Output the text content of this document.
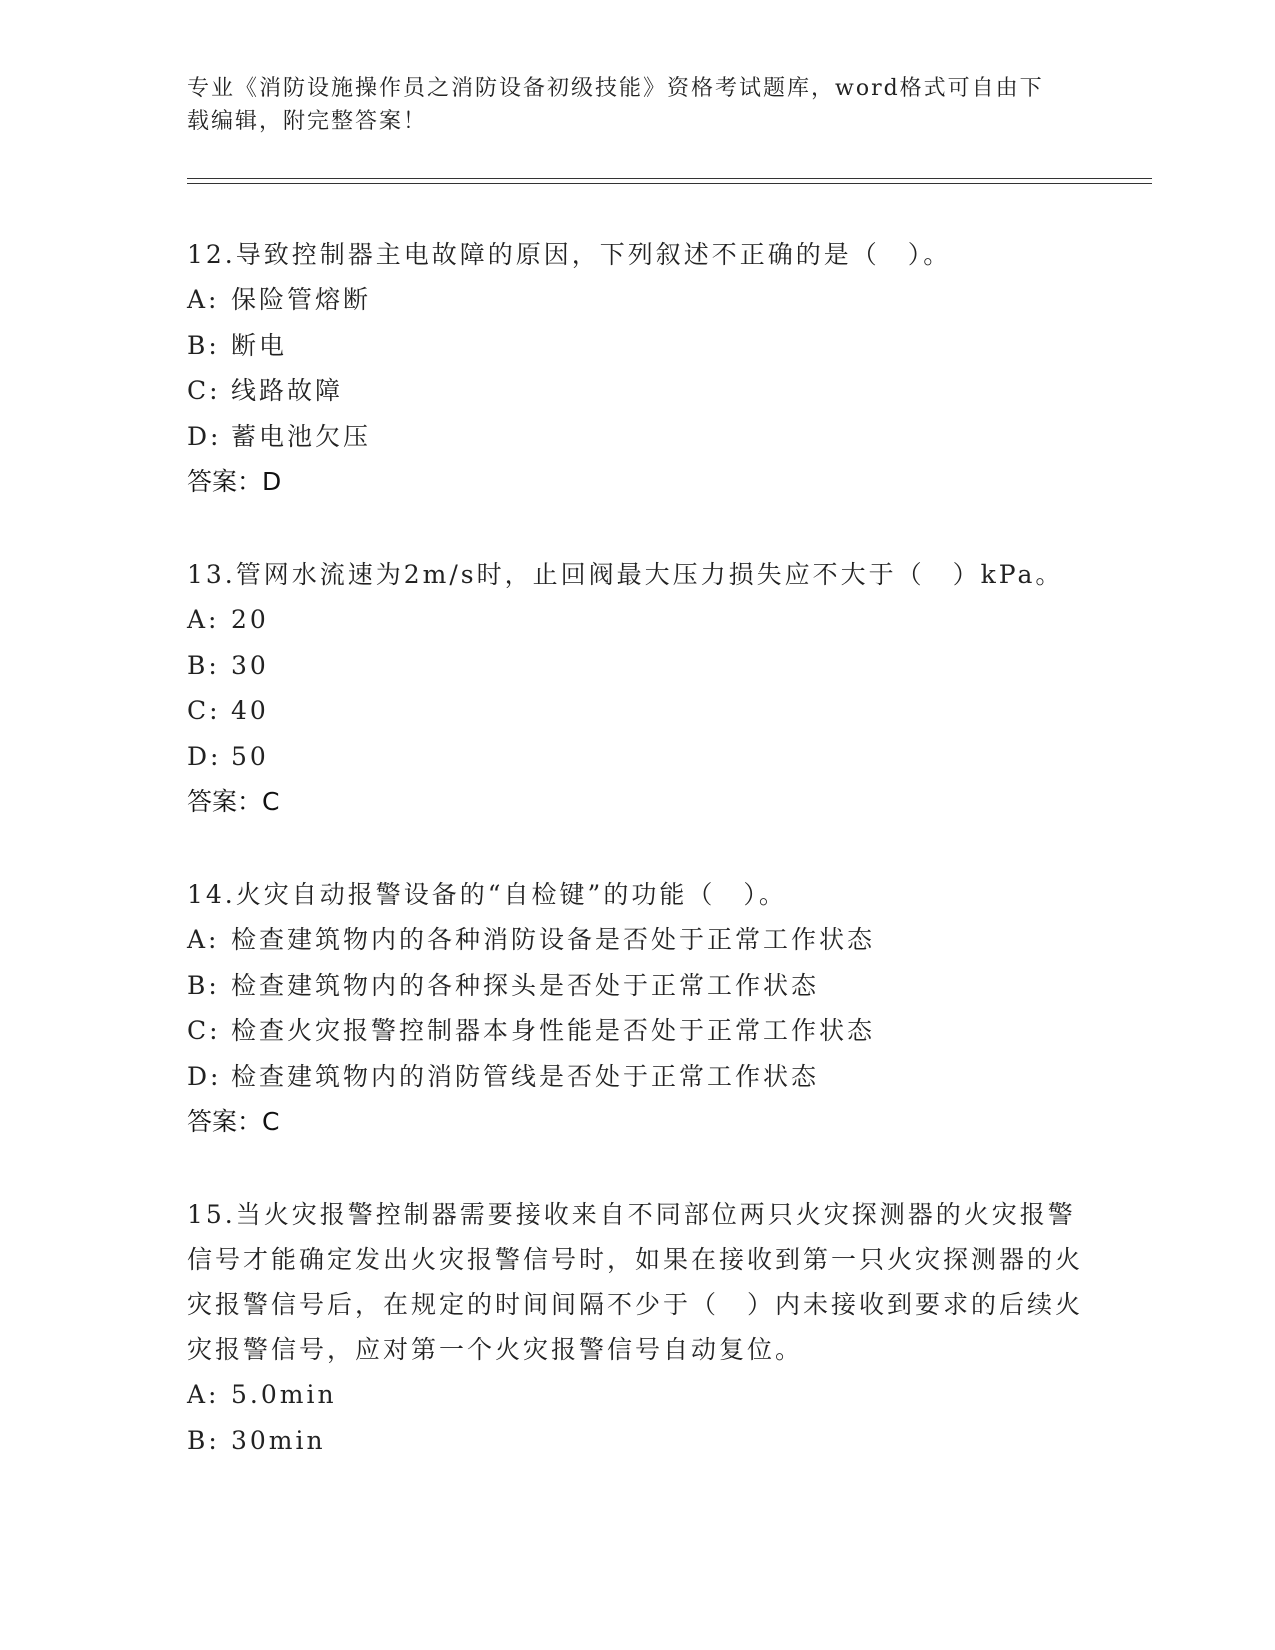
专业《消防设施操作员之消防设备初级技能》资格考试题库，word格式可自由下载编辑，附完整答案！

12.导致控制器主电故障的原因，下列叙述不正确的是（　）。

A: 保险管熔断

B: 断电

C: 线路故障

D: 蓄电池欠压

答案：D

13.管网水流速为2m/s时，止回阀最大压力损失应不大于（　）kPa。

A: 20

B: 30

C: 40

D: 50

答案：C

14.火灾自动报警设备的“自检键”的功能（　）。

A: 检查建筑物内的各种消防设备是否处于正常工作状态

B: 检查建筑物内的各种探头是否处于正常工作状态

C: 检查火灾报警控制器本身性能是否处于正常工作状态

D: 检查建筑物内的消防管线是否处于正常工作状态

答案：C

15.当火灾报警控制器需要接收来自不同部位两只火灾探测器的火灾报警信号才能确定发出火灾报警信号时，如果在接收到第一只火灾探测器的火灾报警信号后，在规定的时间间隔不少于（　）内未接收到要求的后续火灾报警信号，应对第一个火灾报警信号自动复位。

A: 5.0min

B: 30min
